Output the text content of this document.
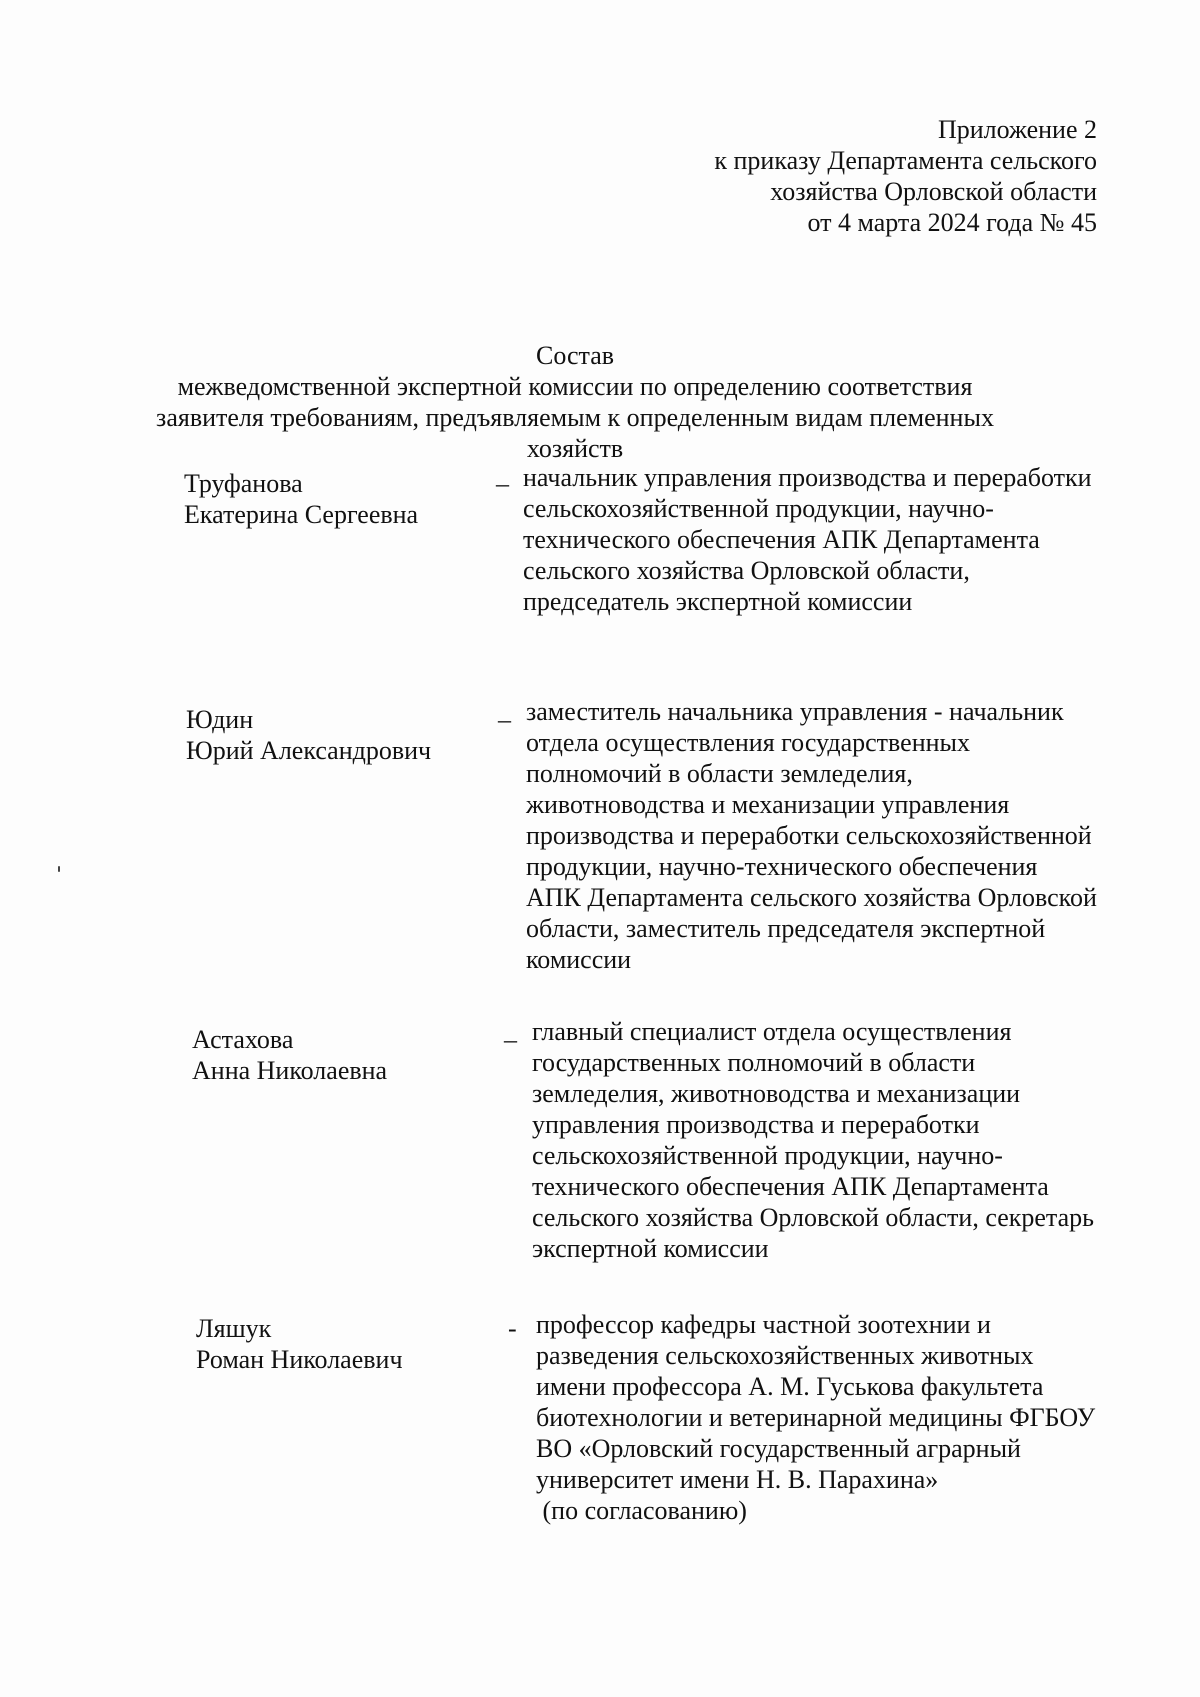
Приложение 2
к приказу Департамента сельского
хозяйства Орловской области
от 4 марта 2024 года № 45
Состав
межведомственной экспертной комиссии по определению соответствия
заявителя требованиям, предъявляемым к определенным видам племенных
хозяйств
Труфанова
Екатерина Сергеевна
– начальник управления производства и переработки
сельскохозяйственной продукции, научно-
технического обеспечения АПК Департамента
сельского хозяйства Орловской области,
председатель экспертной комиссии
Юдин
Юрий Александрович
– заместитель начальника управления - начальник
отдела осуществления государственных
полномочий в области земледелия,
животноводства и механизации управления
производства и переработки сельскохозяйственной
продукции, научно-технического обеспечения
АПК Департамента сельского хозяйства Орловской
области, заместитель председателя экспертной
комиссии
Астахова
Анна Николаевна
– главный специалист отдела осуществления
государственных полномочий в области
земледелия, животноводства и механизации
управления производства и переработки
сельскохозяйственной продукции, научно-
технического обеспечения АПК Департамента
сельского хозяйства Орловской области, секретарь
экспертной комиссии
Ляшук
Роман Николаевич
- профессор кафедры частной зоотехнии и
разведения сельскохозяйственных животных
имени профессора А. М. Гуськова факультета
биотехнологии и ветеринарной медицины ФГБОУ
ВО «Орловский государственный аграрный
университет имени Н. В. Парахина»
(по согласованию)
